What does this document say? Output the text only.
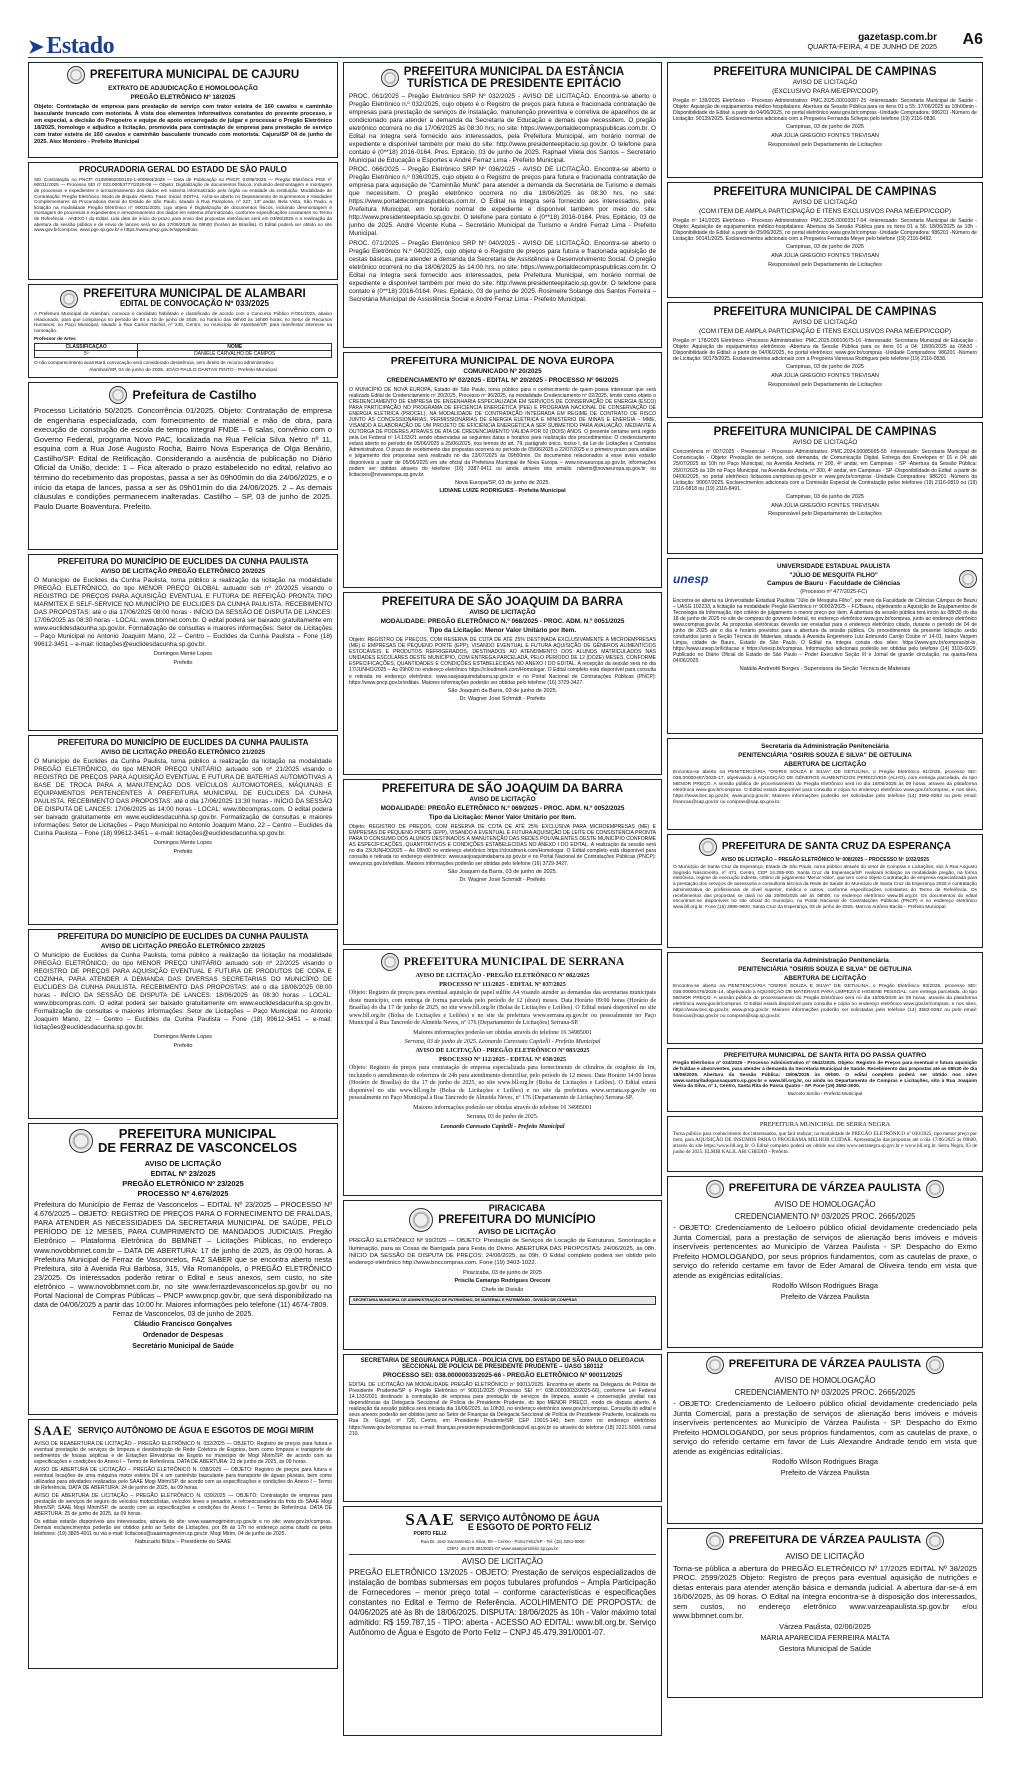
➤ Estado	gazetasp.com.br
QUARTA-FEIRA, 4 DE JUNHO DE 2025 A6
PREFEITURA MUNICIPAL DE CAJURU
EXTRATO DE ADJUDICAÇÃO E HOMOLOGAÇÃO
PREGÃO ELETRÔNICO Nº 18/2025
Objeto: Contratação de empresa para prestação de serviço com trator esteira de 160 cavalos e caminhão basculante truncado com motorista. À vista dos elementos informativos constantes do presente processo, e em especial, a decisão do Pregoeiro e equipe de apoio encarregado de julgar e processar o Pregão Eletrônico 18/2025, homologo e adjudico a licitação, promovida para contratação de empresa para prestação de serviço com trator esteira de 160 cavalos e caminhão basculante truncado com motorista. Cajuru/SP 04 de junho de 2025. Alex Monteiro - Prefeito Municipal
PROCURADORIA GERAL DO ESTADO DE SÃO PAULO
SEI Contratação no PNCP: 01080962000102-1-000684/2025 — Data de Publicação no PNCP: 03/06/2025 — Pregão Eletrônico PGE nº 90031/2025 — Processo SEI nº 023.00053777/2025-05 — Objeto: Digitalização de documentos físicos, incluindo desmontagem e montagem de processos e expedientes e armazenamento dos dados em sistema informatizado pelo órgão ou entidade da instituição. Modalidade de Contratação: Pregão Eletrônico. Modo de disputa: Aberto. Fase: Inicial. EDITAL: Acha-se aberto no Departamento de Suprimentos e Atividades Complementares da Procuradoria Geral do Estado de São Paulo, situado à Rua Pamplona, nº 227, 13º andar, Bela Vista, São Paulo, a licitação na modalidade Pregão Eletrônico nº 90031/2025, cujo objeto é Digitalização de documentos físicos, incluindo desmontagem e montagem de processos e expedientes e armazenamento dos dados em sistema informatizado, conforme especificações constantes no Termo de Referência - ANEXO I do Edital. Lida data de início do prazo para envio das propostas eletrônicas será em 03/06/2025 e a realização da abertura da sessão pública e de envio de lances será no dia 17/06/2025 às 09h00 (horário de Brasília). O Edital poderá ser obtido no site www.gov.br/compras, www.pge.sp.gov.br e https://www.pncp.gov.br/app/editais.
PREFEITURA MUNICIPAL DE ALAMBARI
EDITAL DE CONVOCAÇÃO Nº 033/2025
A Prefeitura Municipal de Alambari, convoca o candidato habilitado e classificado de acordo com o Concurso Público nº001/2023, abaixo relacionado, para que compareça no período de 04 a 10 de junho de 2025, no horário das 08h00 às 16h00 horas, no Setor de Recursos Humanos, no Paço Municipal, situado à Rua Carlos Rachid, nº 245, Centro, no município de Alambari/SP, para manifestar interesse na nomeação.
Professor de Artes
CLASSIFICAÇÃO	NOME
5º	DANIELE CARVALHO DE CAMPOS
O não comparecimento acarretará convocação será considerado desistência, sem direito de recurso administrativo.
Alambari/SP, 04 de junho de 2025. JOÃO PAULO DANTAS PINTO - Prefeito Municipal
Prefeitura de Castilho
Processo Licitatório 50/2025. Concorrência 01/2025. Objeto: Contratação de empresa de engenharia especializada, com fornecimento de material e mão de obra, para execução de construção de escola de tempo integral FNDE – 6 salas, convênio com o Governo Federal, programa Novo PAC, localizada na Rua Felícia Silva Netro nº 11, esquina com a Rua José Augusto Rocha, Bairro Nova Esperança de Olga Benário, Castilho/SP. Edital de Retificação. Considerando a ausência de publicação no Diário Oficial da União, decide: 1 – Fica alterado o prazo estabelecido no edital, relativo ao término do recebimento das propostas, passa a ser às 09h00min do dia 24/06/2025, e o início da etapa de lances, passa a ser às 09h01min do dia 24/06/2025. 2 – As demais cláusulas e condições permanecem inalteradas. Castilho – SP, 03 de junho de 2025. Paulo Duarte Boaventura. Prefeito.
PREFEITURA DO MUNICÍPIO DE EUCLIDES DA CUNHA PAULISTA
AVISO DE LICITAÇÃO PREGÃO ELETRÔNICO 20/2025
O Município de Euclides da Cunha Paulista, torna público a realização da licitação na modalidade PREGÃO ELETRÔNICO, do tipo MENOR PREÇO GLOBAL autuado sob nº 20/2025 visando o REGISTRO DE PREÇOS PARA AQUISIÇÃO EVENTUAL E FUTURA DE REFEIÇÃO PRONTA TIPO MARMITEX E SELF-SERVICE NO MUNICÍPIO DE EUCLIDES DA CUNHA PAULISTA. RECEBIMENTO DAS PROPOSTAS: até o dia 17/06/2025 08:00 horas - INÍCIO DA SESSÃO DE DISPUTA DE LANCES: 17/06/2025 às 08:30 horas - LOCAL: www.bbmnet.com.br. O edital poderá ser baixado gratuitamente em www.euclidesdacunha.sp.gov.br. Formalização de consultas e maiores informações: Setor de Licitações – Paço Municipal no Antonio Joaquim Mano, 22 – Centro – Euclides da Cunha Paulista – Fone (18) 99612-3451 – e-mail: licitações@euclidesdacunha.sp.gov.br.
Domingos Mente Lopes
Prefeito
PREFEITURA DO MUNICÍPIO DE EUCLIDES DA CUNHA PAULISTA
AVISO DE LICITAÇÃO PREGÃO ELETRÔNICO 21/2025
O Município de Euclides da Cunha Paulista, torna público a realização da licitação na modalidade PREGÃO ELETRÔNICO, do tipo MENOR PREÇO UNITÁRIO autuado sob nº 21/2025 visando o REGISTRO DE PREÇOS PARA AQUISIÇÃO EVENTUAL E FUTURA DE BATERIAS AUTOMOTIVAS A BASE DE TROCA PARA A MANUTENÇÃO DOS VEÍCULOS AUTOMOTORES, MÁQUINAS E EQUIPAMENTOS PERTENCENTES À PREFEITURA MUNICIPAL DE EUCLIDES DA CUNHA PAULISTA. RECEBIMENTO DAS PROPOSTAS: até o dia 17/06/2025 13:30 horas - INÍCIO DA SESSÃO DE DISPUTA DE LANCES: 17/06/2025 às 14:00 horas - LOCAL: www.bbcompras.com. O edital poderá ser baixado gratuitamente em www.euclidesdacunha.sp.gov.br. Formalização de consultas e maiores informações: Setor de Licitações – Paço Municipal no Antonio Joaquim Mano, 22 – Centro – Euclides da Cunha Paulista – Fone (18) 99612-3451 – e-mail: licitações@euclidesdacunha.sp.gov.br.
Domingos Mente Lopes
Prefeito
PREFEITURA DO MUNICÍPIO DE EUCLIDES DA CUNHA PAULISTA
AVISO DE LICITAÇÃO PREGÃO ELETRÔNICO 22/2025
O Município de Euclides da Cunha Paulista, torna público a realização da licitação na modalidade PREGÃO ELETRÔNICO, do tipo MENOR PREÇO UNITÁRIO autuado sob nº 22/2025 visando o REGISTRO DE PREÇOS PARA AQUISIÇÃO EVENTUAL E FUTURA DE PRODUTOS DE COPA E COZINHA, PARA ATENDER A DEMANDA DAS DIVERSAS SECRETARIAS DO MUNICÍPIO DE EUCLIDES DA CUNHA PAULISTA. RECEBIMENTO DAS PROPOSTAS: até o dia 18/06/2025 08:00 horas - INÍCIO DA SESSÃO DE DISPUTA DE LANCES: 18/06/2025 às 08:30 horas - LOCAL: www.bbcompras.com. O edital poderá ser baixado gratuitamente em www.euclidesdacunha.sp.gov.br. Formalização de consultas e maiores informações: Setor de Licitações – Paço Municipal no Antonio Joaquim Mano, 22 – Centro – Euclides da Cunha Paulista – Fone (18) 99612-3451 – e-mail: licitações@euclidesdacunha.sp.gov.br.
Domingos Mente Lopes
Prefeito
PREFEITURA MUNICIPAL
DE FERRAZ DE VASCONCELOS
AVISO DE LICITAÇÃO
EDITAL Nº 23/2025
PREGÃO ELETRÔNICO Nº 23/2025
PROCESSO Nº 4.676/2025
Prefeitura do Município de Ferraz de Vasconcelos – EDITAL Nº 23/2025 – PROCESSO Nº 4.676/2025 – OBJETO: REGISTRO DE PREÇOS PARA O FORNECIMENTO DE FRALDAS, PARA ATENDER AS NECESSIDADES DA SECRETARIA MUNICIPAL DE SAÚDE, PELO PERÍODO DE 12 MESES, PARA CUMPRIMENTO DE MANDADOS JUDICIAIS. Pregão Eletrônico – Plataforma Eletrônica do BBMNET – Licitações Públicas, no endereço www.novobbmnet.com.br – DATA DE ABERTURA: 17 de junho de 2025, às 09:00 horas. A Prefeitura Municipal de Ferraz de Vasconcelos, FAZ SABER que se encontra aberto nesta Prefeitura, sito à Avenida Rui Barbosa, 315, Vila Romanópolis, o PREGÃO ELETRÔNICO 23/2025. Os interessados poderão retirar o Edital e seus anexos, sem custo, no site eletrônico – www.novobbmnet.com.br, no site www.ferrazdevasconcelos.sp.gov.br ou no Portal Nacional de Compras Públicas – PNCP www.pncp.gov.br, que será disponibilizado na data de 04/06/2025 a partir das 10:00 hr. Maiores informações pelo telefone (11) 4674-7809.
Ferraz de Vasconcelos, 03 de junho de 2025.
Cláudio Francisco Gonçalves
Ordenador de Despesas
Secretário Municipal de Saúde
SAAE SERVIÇO AUTÔNOMO DE ÁGUA E ESGOTOS DE MOGI MIRIM

AVISO DE REABERTURA DE LICITAÇÃO – PREGÃO ELETRÔNICO N. 032/2025 — OBJETO: Registro de preços para futura e eventual prestação de serviços de limpeza e desobstrução de Rede Coletora de Esgotos, bem como limpeza e transporte de sedimentos de fossas sépticas e de Estações Elevatórias de Esgoto no município de Mogi Mirim/SP, de acordo com as especificações e condições do Anexo I – Termo de Referência. DATA DE ABERTURA: 23 de junho de 2025, às 09 horas.

AVISO DE ABERTURA DE LICITAÇÃO – PREGÃO ELETRÔNICO N. 038/2025 — OBJETO: Registro de preços para futura e eventual locações de uma máquina motor esteira D6 e um caminhão basculante para transporte de águas pluviais, bem como utilizadas para atividades realizadas pelo SAAE Mogi Mirim/SP, de acordo com as especificações e condições do Anexo I – Termo de Referência. DATA DE ABERTURA: 24 de junho de 2025, às 09 horas.

AVISO DE ABERTURA DE LICITAÇÃO – PREGÃO ELETRÔNICO N. 039/2025 — OBJETO: Contratação de empresa para prestação de serviços de seguro de veículos motociclistas, veículos leves e pesados, e retroescavadeira da frota do SAAE Mogi Mirim/SP, SAAE Mogi Mirim/SP, de acordo com as especificações e condições do Anexo I – Termo de Referência. DATA DE ABERTURA: 25 de junho de 2025, às 09 horas.

Os editais estarão disponíveis aos interessados, através do site: www.saaemogimirim.sp.gov.br e no site: www.gov.br/compras. Demais esclarecimentos poderão ser obtidos junto ao Setor de Licitações, por 8h às 17h no endereço acima citado ou pelos telefones: (19) 3805-4911 ou via e-mail: licitacoes@saaemogimirim.sp.gov.br. Mogi Mirim, 04 de junho de 2025.

Nabucarlo Biliza – Presidente do SAAE
PREFEITURA MUNICIPAL DA ESTÂNCIA
TURÍSTICA DE PRESIDENTE EPITÁCIO

PROC. 061/2025 – Pregão Eletrônico SRP Nº 032/2025 - AVISO DE LICITAÇÃO. Encontra-se aberto o Pregão Eletrônico n.º 032/2025, cujo objeto é o Registro de preços para futura e fracionada contratação de empresas para prestação de serviços de instalação, manutenção preventiva e corretiva de aparelhos de ar condicionado para atender a demanda da Secretaria de Educação e demais que necessitem. O pregão eletrônico ocorrerá no dia 17/06/2025 às 08:30 hrs, no site: https://www.portaldecompraspublicas.com.br. O Edital na íntegra será fornecido aos interessados, pela Prefeitura Municipal, em horário normal de expediente e disponível também por meio do site: http://www.presidenteepitacio.sp.gov.br. O telefone para contato é (0**18) 2016-0164. Pres. Epitácio, 03 de junho de 2025. Raphael Vilela dos Santos – Secretário Municipal de Educação e Esportes e André Ferraz Lima - Prefeito Municipal.

PROC. 066/2025 – Pregão Eletrônico SRP Nº 036/2025 - AVISO DE LICITAÇÃO. Encontra-se aberto o Pregão Eletrônico n.º 036/2025, cujo objeto é o Registro de preços para futura e fracionada contratação de empresa para aquisição de "Caminhão Munk" para atender a demanda da Secretaria de Turismo e demais que necessitem. O pregão eletrônico ocorrerá no dia 18/06/2025 às 08:30 hrs, no site: https://www.portaldecompraspublicas.com.br. O Edital na íntegra será fornecido aos interessados, pela Prefeitura Municipal, em horário normal de expediente e disponível também por meio do site: http://www.presidenteepitacio.sp.gov.br. O telefone para contato é (0**18) 2016-0164. Pres. Epitácio, 03 de junho de 2025. André Vicente Kuba – Secretário Municipal de Turismo e André Ferraz Lima - Prefeito Municipal.

PROC. 071/2025 – Pregão Eletrônico SRP Nº 040/2025 - AVISO DE LICITAÇÃO. Encontra-se aberto o Pregão Eletrônico N.º 040/2025, cujo objeto é o Registro de preços para futura e fracionada aquisição de cestas básicas, para atender a demanda da Secretaria de Assistência e Desenvolvimento Social. O pregão eletrônico ocorrerá no dia 18/06/2025 às 14:00 hrs, no site: https://www.portaldecompraspublicas.com.br. O Edital na íntegra será fornecido aos interessados, pela Prefeitura Municipal, em horário normal de expediente e disponível também por meio do site: http://www.presidenteepitacio.sp.gov.br. O telefone para contato é (0**18) 2016-0164. Pres. Epitácio, 03 de junho de 2025. Rosimeire Solange dos Santos Ferreira – Secretária Municipal de Assistência Social e André Ferraz Lima - Prefeito Municipal.

PREFEITURA MUNICIPAL DE NOVA EUROPA
COMUNICADO Nº 20/2025
CREDENCIAMENTO Nº 02/2025 - EDITAL Nº 20/2025 - PROCESSO Nº 96/2025
O MUNICÍPIO DE NOVA EUROPA, Estado de São Paulo, torna público para o conhecimento de quem possa interessar que será realizado Edital de Credenciamento nº 20/2025, Processo nº 96/2025, na modalidade Credenciamento nº 02/2025, tendo como objeto o CREDENCIAMENTO DE EMPRESA DE ENGENHARIA ESPECIALIZADA EM SERVIÇOS DE CONSERVAÇÃO DE ENERGIA (ESCO) PARA PARTICIPAÇÃO NO PROGRAMA DE EFICIÊNCIA ENERGÉTICA (PEE) E PROGRAMA NACIONAL DE CONSERVAÇÃO DE ENERGIA ELÉTRICA (PROCEL), NA MODALIDADE DE CONTRATAÇÃO INTEGRADA EM REGIME DE CONTRATO DE RISCO JUNTO ÀS CONCESSIONÁRIAS, PERMISSIONÁRIAS DE ENERGIA ELÉTRICA E MINISTÉRIO DE MINAS E ENERGIA – MME, VISANDO A ELABORAÇÃO DE UM PROJETO DE EFICIÊNCIA ENERGÉTICA A SER SUBMETIDO PARA AVALIAÇÃO, MEDIANTE A OUTORGA DE PODERES ATRAVÉS DE ATA DE CREDENCIAMENTO VÁLIDA POR 02 (DOIS) ANOS. O presente certame será regido pela Lei Federal nº 14.133/21 sendo observadas as seguintes datas e horários para realização dos procedimentos: O credenciamento estará aberto no período de 05/06/2025 a 25/06/2025, nos termos do art. 79, parágrafo único, inciso I, da Lei de Licitações e Contratos Administrativos. O prazo de recebimento das propostas ocorrerá no período de 05/06/2025 a 22/07/2025 e o primeiro prazo para análise e julgamento dos propostas será realizado no dia 23/07/2025 às 09h00min. Os documentos relacionados a esse aviso estarão disponíveis a partir de 05/06/2025 em site oficial da Prefeitura Municipal de Nova Europa – www.novaeuropa.sp.gov.br, informações podem ser obtidas através do telefone (16) 3387-9411 ou ainda através dos emails: rubens@novaeuropa.sp.gov.br ou licitacoes@novaeuropa.sp.gov.br.
Nova Europa/SP, 03 de junho de 2025.
LIDIANE LUIZE RODRIGUES - Prefeita Municipal
PREFEITURA DE SÃO JOAQUIM DA BARRA
AVISO DE LICITAÇÃO
MODALIDADE: PREGÃO ELETRÔNICO N.º 068/2025 - PROC. ADM. N.º 0051/2025
Tipo da Licitação: Menor Valor Unitário por Item.
Objeto: REGISTRO DE PREÇOS, COM RESERVA DE COTA DE ATÉ 25% DESTINADA EXCLUSIVAMENTE A MICROEMPRESAS (ME) E EMPRESAS DE PEQUENO PORTE (EPP), VISANDO EVENTUAL E FUTURA AQUISIÇÃO DE GÊNEROS ALIMENTÍCIOS ESTOCÁVEIS E PRODUTOS REFRIGERADOS, DESTINADOS AO ATENDIMENTO DOS ALUNOS MATRICULADOS NAS UNIDADES ESCOLARES DESTE MUNICÍPIO, COM ENTREGA PARCELADA, PELO PERÍODO DE 12 (DOZE) MESES, CONFORME ESPECIFICAÇÕES, QUANTIDADES E CONDIÇÕES ESTABELECIDAS NO ANEXO I DO EDITAL. A recepção da sessão será no dia 17/JUNHO/2025 – As 09h00 no endereço eletrônico https://cloudmerk.com/Homologar. O Edital completo está disponível para consulta e retirada no endereço eletrônico: www.saojoaquimdabarra.sp.gov.br e no Portal Nacional de Contratações Públicas (PNCP): https://www.pncp.gov.br/editais. Maiores informações poderão ser obtidas pelo telefone (16) 3729-3427.
São Joaquim da Barra, 03 de junho de 2025.
Dr. Wagner José Schmidt - Prefeito
PREFEITURA DE SÃO JOAQUIM DA BARRA
AVISO DE LICITAÇÃO
MODALIDADE: PREGÃO ELETRÔNICO N.º 069/2025 - PROC. ADM. N.º 0052/2025
Tipo da Licitação: Menor Valor Unitário por Item.
Objeto: REGISTRO DE PREÇOS, COM RESERVA DE COTA DE ATÉ 25% EXCLUSIVA PARA MICROEMPRESAS (ME) E EMPRESAS DE PEQUENO PORTE (EPP), VISANDO A EVENTUAL E FUTURA AQUISIÇÃO DE LEITE DE CONSISTÊNCIA PRONTA PARA O CONSUMO DOS ALUNOS DESTINADOS À MANUTENÇÃO DAS REDES POLIVALENTES DESTE MUNICÍPIO CONFORME AS ESPECIFICAÇÕES, QUANTITATIVOS E CONDIÇÕES ESTABELECIDAS NO ANEXO I DO EDITAL. A realização da sessão será no dia 23/JUNHO/2025 – As 09h00 no endereço eletrônico https://cloudmerk.com/Homologar. O Edital completo está disponível para consulta e retirada no endereço eletrônico: www.saojoaquimdabarra.sp.gov.br e no Portal Nacional de Contratações Públicas (PNCP): www.pncp.gov.br/editais. Maiores informações poderão ser obtidas pelo telefone (16) 3729-3427.
São Joaquim da Barra, 03 de junho de 2025.
Dr. Wagner José Schmidt - Prefeito
PREFEITURA MUNICIPAL DE SERRANA
AVISO DE LICITAÇÃO - PREGÃO ELETRÔNICO Nº 082/2025
PROCESSO Nº 111/2025 - EDITAL Nº 037/2025
Objeto: Registro de preços para eventual aquisição de papel sulfite A4 visando atender as demandas das secretarias municipais deste município, com entrega de forma parcelada pelo período de 12 (doze) meses. Data Horário 09:00 horas (Horário de Brasília) do dia 17 de junho de 2025, no site www.bll.org.br (Bolsa de Licitações e Leilões). O Edital estará disponível no site www.bll.org.br (Bolsa de Licitações e Leilões) e no site da prefeitura www.serrana.sp.gov.br ou pessoalmente no Paço Municipal à Rua Tancredo de Almeida Neves, nº 176 (Departamento de Licitações) Serrana-SP.
Maiores informações poderão ser obtidas através do telefone 16 34985001
Serrana, 03 de junho de 2025. Leonardo Caressato Capitelli - Prefeito Municipal
AVISO DE LICITAÇÃO - PREGÃO ELETRÔNICO Nº 083/2025
PROCESSO Nº 112/2025 - EDITAL Nº 038/2025
Objeto: Registro de preços para contratação de empresa especializada para fornecimento de cilindros de oxigênio de 1m, incluindo o atendimento de cobertura de 24h para atendimento domiciliar, pelo período de 12 meses. Data Horário 14:00 horas (Horário de Brasília) do dia 17 de junho de 2025, no site www.bll.org.br (Bolsa de Licitações e Leilões). O Edital estará disponível no site www.bll.org.br (Bolsa de Licitações e Leilões) e no site da prefeitura www.serrana.sp.gov.br ou pessoalmente no Paço Municipal à Rua Tancredo de Almeida Neves, nº 176 (Departamento de Licitações) Serrana-SP.
Maiores informações poderão ser obtidas através do telefone 16 34985001
Serrana, 03 de junho de 2025.
Leonardo Caressato Capitelli - Prefeito Municipal
PIRACICABA
PREFEITURA DO MUNICÍPIO
AVISO DE LICITAÇÃO
PREGÃO ELETRÔNICO Nº 99/2025 — OBJETO: Prestação de Serviços de Locação de Estruturas, Sonorização e Iluminação, para as Coxas de Barrigada para Festa do Divino. ABERTURA DAS PROPOSTAS: 24/06/2025, às 08h. INÍCIO DA SESSÃO DE DISPUTA DE PREÇOS: 24/06/2025, às 09h. O Edital completo poderá ser obtido pelo endereço eletrônico http://www.bnccompras.com. Fone (19) 3403-1022.
Piracicaba, 03 de junho de 2025
Priscila Camargo Rodrigues Oreconi
Chefe de Divisão
SECRETARIA MUNICIPAL DE ADMINISTRAÇÃO DE PATRIMÔNIO, DE MATERIAL E PATRIMÔNIO - DIVISÃO DE COMPRAS
SECRETARIA DE SEGURANÇA PÚBLICA - POLÍCIA CIVIL DO ESTADO DE SÃO PAULO DELEGACIA SECCIONAL DE POLÍCIA DE PRESIDENTE PRUDENTE – UASG 180112
PROCESSO SEI: 038.00000033/2025-66 - PREGÃO ELETRÔNICO Nº 90011/2025
EDITAL DE LICITAÇÃO NA MODALIDADE PREGÃO ELETRÔNICO nº 90011/2025. Encontra-se aberto na Delegacia de Polícia de Presidente Prudente/SP o Pregão Eletrônico nº 90011/2025 (Processo SEI nº: 038.00000033/2025-66), conforme Lei Federal 14.133/2021 destinado à contratação de empresa para prestação de serviços de limpeza, asseio e conservação predial nas dependências da Delegacia Seccional de Polícia de Presidente Prudente, do tipo MENOR PREÇO, modo de disputa aberto. A realização da sessão pública será iniciada dia 16/06/2025, às 10h30, no endereço eletrônico www.gov.br/compras. Consulta do edital e seus anexos poderão ser obtidos junto ao Setor de Finanças da Delegacia Seccional de Polícia de Presidente Prudente, localizada na Rua Dr. Gurgel, nº 720, Centro, em Presidente Prudente/SP, CEP 19015-140, bem como no endereço eletrônico https://www.gov.br/compras ou e-mail: finanças.presidenteprudente@policiacivil.sp.gov.br ou através do telefone (18) 3221-5000, ramal 210.
SAAE
PORTO FELIZ
SERVIÇO AUTÔNOMO DE ÁGUA
E ESGOTO DE PORTO FELIZ
Rua Dr. José Sacramento e Silva, 59 – Centro - Porto Feliz/SP - Tel: (15) 3261-9000
CNPJ: 45.479.391/0001-07 www.saaeportofeliz.sp.gov.br
AVISO DE LICITAÇÃO
PREGÃO ELETRÔNICO 13/2025 - OBJETO: Prestação de serviços especializados de instalação de bombas submersas em poços tubulares profundos – Ampla Participação de Fornecedores – menor preço total – conforme características e especificações constantes no Edital e Termo de Referência. ACOLHIMENTO DE PROPOSTA: de 04/06/2025 até às 8h de 18/06/2025. DISPUTA: 18/06/2025 às 10h - Valor máximo total admitido: R$ 159.787,15 - TIPO: aberta - ACESSO AO EDITAL: www.bll.org.br. Serviço Autônomo de Água e Esgoto de Porto Feliz – CNPJ 45.479.391/0001-07.
PREFEITURA MUNICIPAL DE CAMPINAS
AVISO DE LICITAÇÃO
(EXCLUSIVO PARA ME/EPP/COOP)
Pregão nº 139/2025 Eletrônico - Processo Administrativo: PMC.2025.00010087-25 -Interessado: Secretaria Municipal de Saúde - Objeto: Aquisição de equipamentos médico-hospitalares. Abertura da Sessão Pública para os itens 01 a 55: 17/06/2025 às 10h00min -Disponibilidade do Edital: a partir do 04/06/2025, no portal eletrônico www.gov.br/compras -Unidade Compradora: 986201 -Número de Licitação: 90139/2025. Esclarecimentos adicionais com a Pregoeira Fernanda Schepis pelo telefone (19) 2116-0836.
Campinas, 03 de junho de 2025
ANA JÚLIA GREGÓIO FONTES TREVISAN
Responsável pelo Departamento de Licitações
PREFEITURA MUNICIPAL DE CAMPINAS
AVISO DE LICITAÇÃO
(COM ITEM DE AMPLA PARTICIPAÇÃO E ITENS EXCLUSIVOS PARA ME/EPP/COOP)
Pregão nº 141/2025 Eletrônico - Processo Administrativo: PMC.2025.00003317-04 -Interessado: Secretaria Municipal de Saúde -Objeto: Aquisição de equipamentos médico-hospitalares. Abertura da Sessão Pública para os itens 01 a 56: 18/06/2025 às 10h -Disponibilidade do Edital: a partir de 05/06/2025, no portal eletrônico www.gov.br/compras -Unidade Compradora: 986201 -Número de Licitação: 90141/2025. Esclarecimentos adicionais com a Pregoeira Fernanda Meyer pelo telefone (19) 2116-8492.
Campinas, 03 de junho de 2025
ANA JÚLIA GREGÓIO FONTES TREVISAN
Responsável pelo Departamento de Licitações
PREFEITURA MUNICIPAL DE CAMPINAS
AVISO DE LICITAÇÃO
(COM ITEM DE AMPLA PARTICIPAÇÃO E ITENS EXCLUSIVOS PARA ME/EPP/COOP)
Pregão nº 178/2025 Eletrônico -Processo Administrativo: PMC.2025.00010675-16 -Interessado: Secretaria Municipal de Educação -Objeto: Aquisição de equipamentos eletrônicos -Abertura da Sessão Pública para os itens 01 a 04: 18/06/2025 às 09h30 -Disponibilidade do Edital: a partir de 04/06/2025, no portal eletrônico: www.gov.br/compras -Unidade Compradora: 986201 -Número de Licitação: 90178/2025. Esclarecimentos adicionais com a Pregoeira Vanessa Rodrigues pelo telefone (19) 2116-0838.
Campinas, 03 de junho de 2025
ANA JÚLIA GREGÓIO FONTES TREVISAN
Responsável pelo Departamento de Licitações
PREFEITURA MUNICIPAL DE CAMPINAS
AVISO DE LICITAÇÃO
Concorrência nº 007/2025 - Presencial - Processo Administrativo: PMC.2024.00085665-55 -Interessado: Secretaria Municipal de Comunicação - Objeto: Prestação de serviços, sob demanda, de Comunicação Digital. Entrega dos Envelopes nº 01 e 04: até 25/07/2025 às 10h no Paço Municipal, na Avenida Anchieta, nº 200, 4º andar, em Campinas - SP -Abertura da Sessão Pública: 25/07/2025 às 10h no Paço Municipal, na Avenida Anchieta, nº 200, 4º andar, em Campinas - SP -Disponibilidade do Edital: a partir de 04/06/2025, no portal eletrônico licitacoes.campinas.sp.gov.br e www.gov.br/compras -Unidade Compradora: 986201 -Número da Licitação: 90007/2025. Esclarecimentos adicionais com a Comissão Especial de Contratação pelos telefones (19) 2116-0819 ou (19) 2116-0818 ou (19) 2116-8491.
Campinas, 03 de junho de 2025
ANA JÚLIA GREGÓIO FONTES TREVISAN
Responsável pelo Departamento de Licitações
unesp
UNIVERSIDADE ESTADUAL PAULISTA
"JÚLIO DE MESQUITA FILHO"
Campus de Bauru - Faculdade de Ciências
(Processo nº 477/2025-FC)
Encontra-se aberta na Universidade Estadual Paulista "Júlio de Mesquita Filho", por meio da Faculdade de Ciências Câmpus de Bauru – UASG 102233, a licitação na modalidade Pregão Eletrônico nº 90002/2025 – FC/Bauru, objetivando a Aquisição de Equipamentos de Tecnologia da Informação, tipo critério de julgamento o menor preço por item. A abertura da sessão pública terá início às 08h30 do dia 18 de junho de 2025 no site de compras do governo federal, no endereço eletrônico www.gov.br/compras, junto ao endereço eletrônico www.compras.gov.br. As propostas eletrônicas deverão ser enviadas para o endereço eletrônico citado, durante o período de 04 de junho de 2025 até o dia e horário previstos para a abertura da sessão pública. Os procedimentos da presente licitação serão conduzidos junto à Seção Técnica de Materiais, situada à Avenida Engenheiro Luiz Edmundo Carrijo Coube nº 14-01, bairro Vargem Limpa, cidade de Bauru, Estado de São Paulo. O Edital na íntegra consta dos sites: https://www.gov.br/compras/pt-br, https://www.unesp.br/licitacao e https://unesp.br/compras. Informações adicionais poderão ser obtidas pelo telefone (14) 3103-6029. Publicado no Diário Oficial do Estado de São Paulo – Poder Executivo Seção III e Jornal de grande circulação, na quarta-feira 04/06/2025.
Natália Andreotti Borges - Supervisora da Seção Técnica de Materiais
Secretaria da Administração Penitenciária
PENITENCIÁRIA "OSIRIS SOUZA E SILVA" DE GETULINA
ABERTURA DE LICITAÇÃO
Encontra-se aberto na PENITENCIÁRIA "OSIRIS SOUZA E SILVA" DE GETULINA, o Pregão Eletrônico 91/2025, processo SEI: 038.00000467/2025-17, objetivando a AQUISIÇÃO DE GÊNEROS ALIMENTÍCIOS PERECÍVEIS (ALHO), com entrega parcelada, do tipo MENOR PREÇO. A sessão pública de processamento do Pregão Eletrônico será no dia 18/06/2025 às 09 horas, através da plataforma eletrônica www.gov.br/compras. O Edital estará disponível para consulta e cópia no endereço eletrônico www.gov.br/compras, e nos sites, https://www.bec.sp.gov.br, www.pncp.gov.br. Maiores informações poderão ser solicitadas pelo telefone (14) 3582-9262 ou pelo email: financas@sap.gov.br ou compras@sap.sp.gov.br.
PREFEITURA DE SANTA CRUZ DA ESPERANÇA
AVISO DE LICITAÇÃO – PREGÃO ELETRÔNICO Nº 008/2025 – PROCESSO Nº 1032/2025
O Município de Santa Cruz da Esperança, Estado de São Paulo, torna público através do setor de Compras e Licitações, sito à Rua Augusto Segredo Nascimento, nº 471, Centro, CEP 14.255-000, Santa Cruz da Esperança/SP, realizará licitação na modalidade pregão, na forma eletrônica, regime de execução indireta, critério de julgamento 'Menor Valor', que tem como objeto Contratação de empresa especializada para a prestação dos serviços de assessoria e consultoria técnica da Rede de Saúde do Município de Santa Cruz da Esperança 2025 e contratação administrativa de profissionais de nível superior, médico e outros, conforme especificações constantes do Termo de Referência. Os recebimentos das propostas se dará no dia 20/06/2025 até às 08h00, no endereço eletrônico www.bll.org.br. Os documentos do edital encontram-se disponíveis no site oficial do município, no Portal Nacional de Contratações Públicas (PNCP) e no endereço eletrônico www.bll.org.br. Fone (16) 3996-9800. Santa Cruz da Esperança, 03 de junho de 2025. Marcos Antônio Bacila – Prefeito Municipal
Secretaria da Administração Penitenciária
PENITENCIÁRIA "OSIRIS SOUZA E SILVA" DE GETULINA
ABERTURA DE LICITAÇÃO
Encontra-se aberto na PENITENCIÁRIA "OSIRIS SOUZA E SILVA" DE GETULINA, o Pregão Eletrônico 93/2025, processo SEI: 038.00000476/2025-14, objetivando a AQUISIÇÃO DE MATERIAIS PARA LIMPEZA E HIGIENE PESSOAL, com entrega parcelada, do tipo MENOR PREÇO. A sessão pública de processamento do Pregão Eletrônico será no dia 18/06/2025 às 09 horas, através da plataforma eletrônica www.gov.br/compras. O Edital estará disponível para consulta e cópia no endereço eletrônico www.gov.br/compras, e nos sites, https://www.bec.sp.gov.br, www.pncp.gov.br. Maiores informações poderão ser solicitadas pelo telefone (14) 3582-9262 ou pelo email: financas@sap.gov.br ou compras@sap.sp.gov.br.
PREFEITURA MUNICIPAL DE SANTA RITA DO PASSA QUATRO
Pregão Eletrônico nº 024/2025 - Processo Administrativo nº 0642/2025. Objeto: Registro de Preços para eventual e futura aquisição de fraldas e absorventes, para atender à demanda da Secretaria Municipal de Saúde. Recebimento das propostas até as 08h30 do dia 18/06/2025. Abertura da Sessão Pública: 18/06/2025 às 09h00. O edital completo poderá ser obtido nos sites www.santaritadopassaquatro.sp.gov.br e www.bll.org.br, ou ainda no Departamento de Compras e Licitações, sito à Rua Joaquim Vieira da Silva, nº 1, Centro, Santa Rita do Passa Quatro - SP. Fone (19) 3582-3000.
Marcelo Simão - Prefeito Municipal
PREFEITURA MUNICIPAL DE SERRA NEGRA
Torna público para conhecimento dos interessados, que fará realizar, na modalidade de PREGÃO ELETRÔNICO nº 030/2025, tipo menor preço por item, para AQUISIÇÃO DE INSUMOS PARA O PROGRAMA MELHOR CUIDAR. Apresentação das propostas até o dia 17/06/2025 às 09h00, através do site https://www.bll.org.br. O Edital completo poderá ser obtido nos sites www.serranegra.sp.gov.br e www.bll.org.br. Serra Negra, 03 de junho de 2025. ELMIR KALIL ABI CHEDID - Prefeito.
PREFEITURA DE VÁRZEA PAULISTA
AVISO DE HOMOLOGAÇÃO
CREDENCIAMENTO Nº 03/2025 PROC. 2665/2025
- OBJETO: Credenciamento de Leiloeiro público oficial devidamente credenciado pela Junta Comercial, para a prestação de serviços de alienação bens imóveis e móveis inservíveis pertencentes ao Município de Várzea Paulista - SP. Despacho do Exmo Prefeito HOMOLOGANDO, por seus próprios fundamentos, com as cautelas de praxe, o serviço do referido certame em favor de Eder Amaral de Oliveira tendo em vista que atende as exigências editalícias.
Rodolfo Wilson Rodrigues Braga
Prefeito de Várzea Paulista
PREFEITURA DE VÁRZEA PAULISTA
AVISO DE HOMOLOGAÇÃO
CREDENCIAMENTO Nº 03/2025 PROC. 2665/2025
- OBJETO: Credenciamento de Leiloeiro público oficial devidamente credenciado pela Junta Comercial, para a prestação de serviços de alienação bens imóveis e móveis inservíveis pertencentes ao Município de Várzea Paulista - SP. Despacho do Exmo Prefeito HOMOLOGANDO, por seus próprios fundamentos, com as cautelas de praxe, o serviço do referido certame em favor de Luis Alexandre Andrade tendo em vista que atende as exigências editalícias.
Rodolfo Wilson Rodrigues Braga
Prefeito de Várzea Paulista
PREFEITURA DE VÁRZEA PAULISTA
AVISO DE LICITAÇÃO
Torna-se pública a abertura do PREGÃO ELETRÔNICO Nº 17/2025 EDITAL Nº 38/2025 PROC. 2599/2025 Objeto: Registro de preços para eventual aquisição de nutrições e dietas enterais para atender atenção básica e demanda judicial. A abertura dar-se-á em 16/06/2025, às 09 horas. O Edital na íntegra encontra-se à disposição dos interessados, sem custos, no endereço eletrônico www.varzeapaulista.sp.gov.br e/ou www.bbmnet.com.br.
Várzea Paulista, 02/06/2025
MARIA APARECIDA FERREIRA MALTA
Gestora Municipal de Saúde
